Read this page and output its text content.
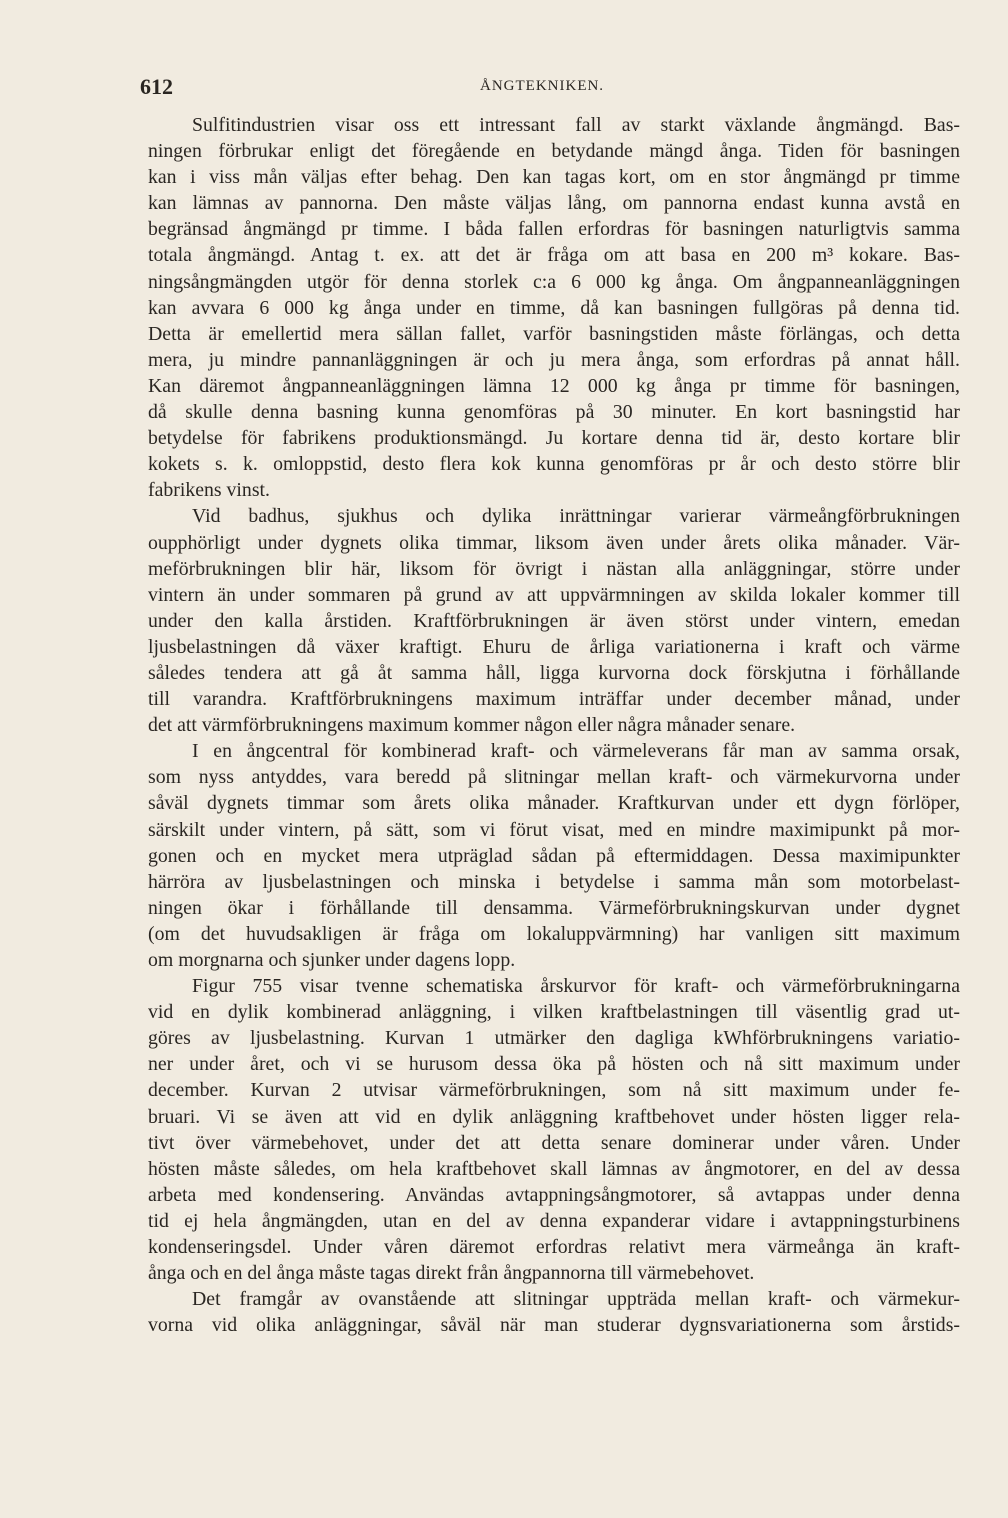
612	ÅNGTEKNIKEN.
Sulfitindustrien visar oss ett intressant fall av starkt växlande ångmängd. Bas-
ningen förbrukar enligt det föregående en betydande mängd ånga. Tiden för basningen
kan i viss mån väljas efter behag. Den kan tagas kort, om en stor ångmängd pr timme
kan lämnas av pannorna. Den måste väljas lång, om pannorna endast kunna avstå en
begränsad ångmängd pr timme. I båda fallen erfordras för basningen naturligtvis samma
totala ångmängd. Antag t. ex. att det är fråga om att basa en 200 m³ kokare. Bas-
ningsångmängden utgör för denna storlek c:a 6 000 kg ånga. Om ångpanneanläggningen
kan avvara 6 000 kg ånga under en timme, då kan basningen fullgöras på denna tid.
Detta är emellertid mera sällan fallet, varför basningstiden måste förlängas, och detta
mera, ju mindre pannanläggningen är och ju mera ånga, som erfordras på annat håll.
Kan däremot ångpanneanläggningen lämna 12 000 kg ånga pr timme för basningen,
då skulle denna basning kunna genomföras på 30 minuter. En kort basningstid har
betydelse för fabrikens produktionsmängd. Ju kortare denna tid är, desto kortare blir
kokets s. k. omloppstid, desto flera kok kunna genomföras pr år och desto större blir
fabrikens vinst.
Vid badhus, sjukhus och dylika inrättningar varierar värmeångförbrukningen
oupphörligt under dygnets olika timmar, liksom även under årets olika månader. Vär-
meförbrukningen blir här, liksom för övrigt i nästan alla anläggningar, större under
vintern än under sommaren på grund av att uppvärmningen av skilda lokaler kommer till
under den kalla årstiden. Kraftförbrukningen är även störst under vintern, emedan
ljusbelastningen då växer kraftigt. Ehuru de årliga variationerna i kraft och värme
således tendera att gå åt samma håll, ligga kurvorna dock förskjutna i förhållande
till varandra. Kraftförbrukningens maximum inträffar under december månad, under
det att värmförbrukningens maximum kommer någon eller några månader senare.
I en ångcentral för kombinerad kraft- och värmeleverans får man av samma orsak,
som nyss antyddes, vara beredd på slitningar mellan kraft- och värmekurvorna under
såväl dygnets timmar som årets olika månader. Kraftkurvan under ett dygn förlöper,
särskilt under vintern, på sätt, som vi förut visat, med en mindre maximipunkt på mor-
gonen och en mycket mera utpräglad sådan på eftermiddagen. Dessa maximipunkter
härröra av ljusbelastningen och minska i betydelse i samma mån som motorbelast-
ningen ökar i förhållande till densamma. Värmeförbrukningskurvan under dygnet
(om det huvudsakligen är fråga om lokaluppvärmning) har vanligen sitt maximum
om morgnarna och sjunker under dagens lopp.
Figur 755 visar tvenne schematiska årskurvor för kraft- och värmeförbrukningarna
vid en dylik kombinerad anläggning, i vilken kraftbelastningen till väsentlig grad ut-
göres av ljusbelastning. Kurvan 1 utmärker den dagliga kWhförbrukningens variatio-
ner under året, och vi se hurusom dessa öka på hösten och nå sitt maximum under
december. Kurvan 2 utvisar värmeförbrukningen, som nå sitt maximum under fe-
bruari. Vi se även att vid en dylik anläggning kraftbehovet under hösten ligger rela-
tivt över värmebehovet, under det att detta senare dominerar under våren. Under
hösten måste således, om hela kraftbehovet skall lämnas av ångmotorer, en del av dessa
arbeta med kondensering. Användas avtappningsångmotorer, så avtappas under denna
tid ej hela ångmängden, utan en del av denna expanderar vidare i avtappningsturbinens
kondenseringsdel. Under våren däremot erfordras relativt mera värmeånga än kraft-
ånga och en del ånga måste tagas direkt från ångpannorna till värmebehovet.
Det framgår av ovanstående att slitningar uppträda mellan kraft- och värmekur-
vorna vid olika anläggningar, såväl när man studerar dygnsvariationerna som årstids-
